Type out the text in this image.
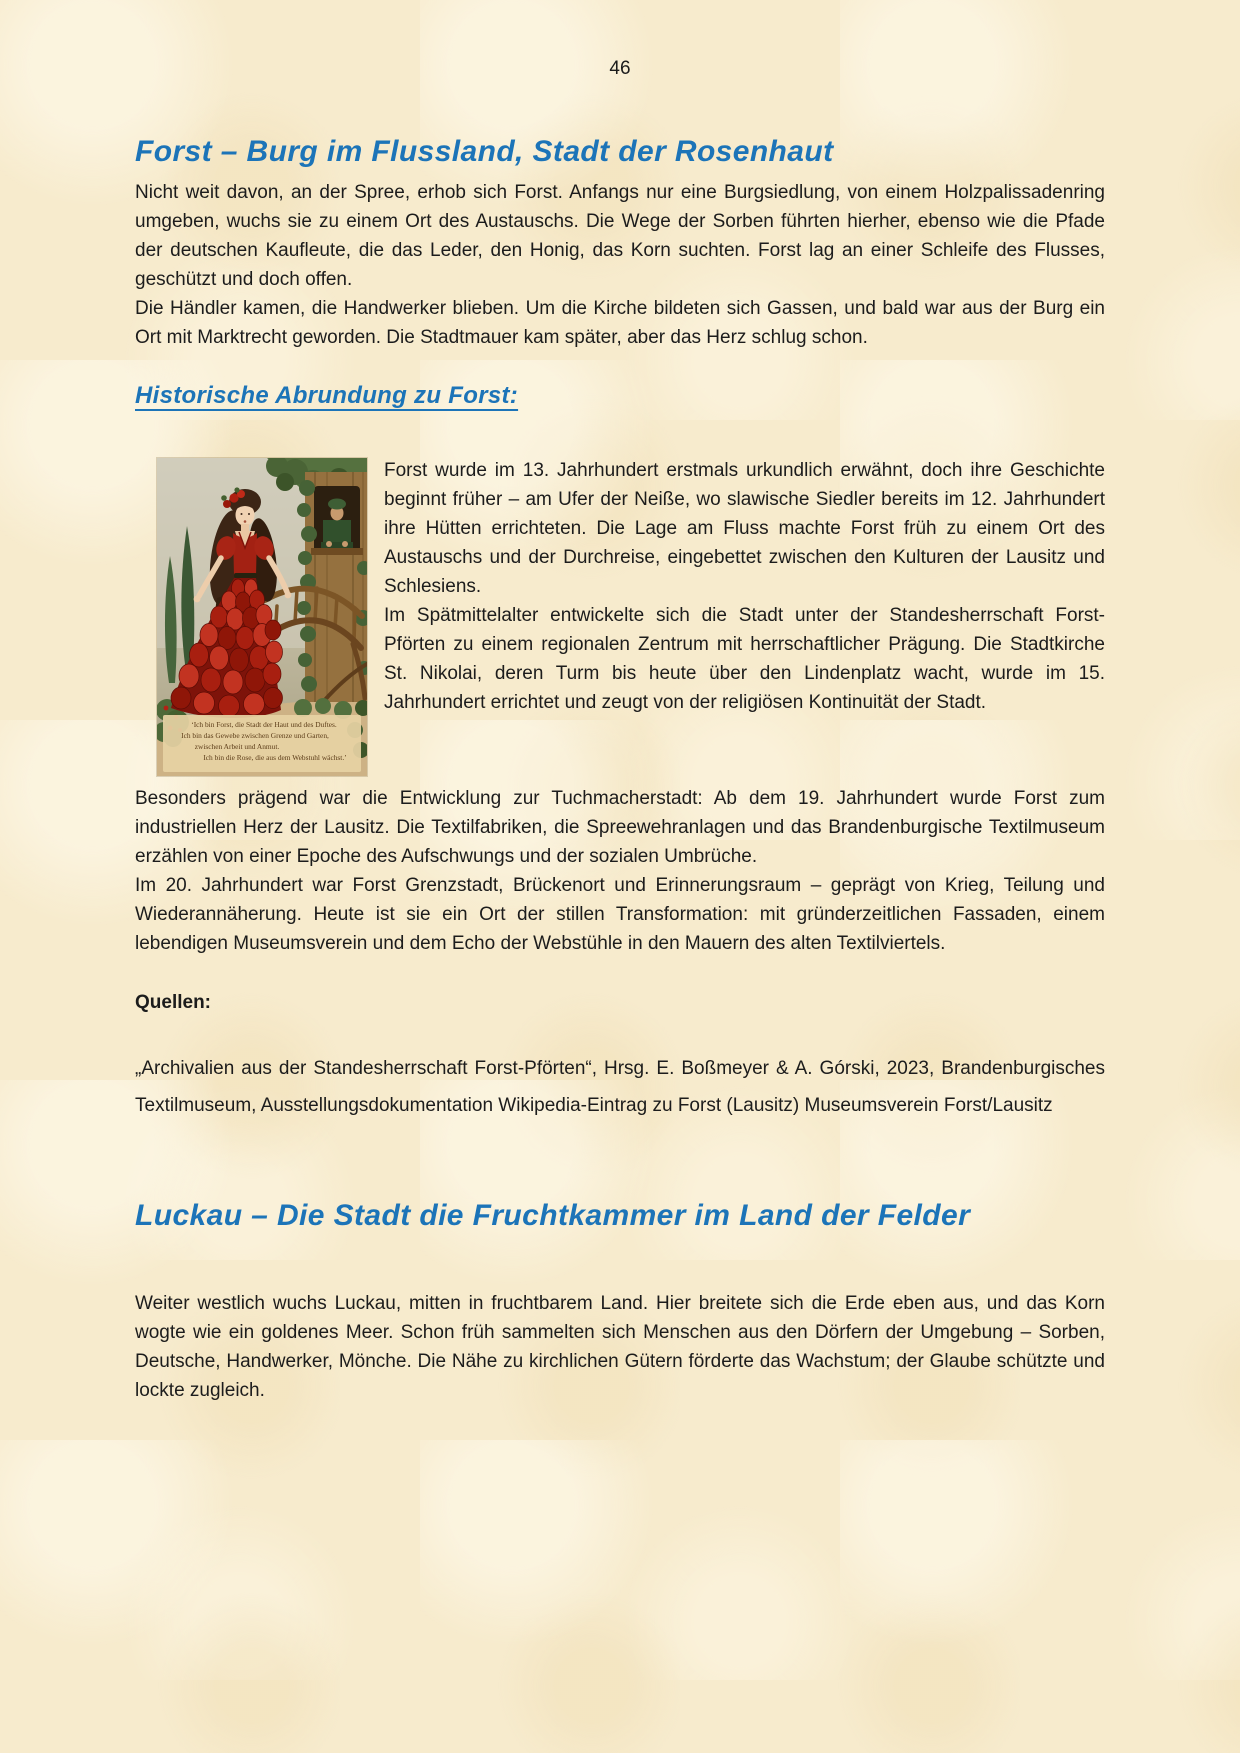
46

Forst – Burg im Flussland, Stadt der Rosenhaut

Nicht weit davon, an der Spree, erhob sich Forst. Anfangs nur eine Burgsiedlung, von einem Holzpalissadenring umgeben, wuchs sie zu einem Ort des Austauschs. Die Wege der Sorben führten hierher, ebenso wie die Pfade der deutschen Kaufleute, die das Leder, den Honig, das Korn suchten. Forst lag an einer Schleife des Flusses, geschützt und doch offen.

Die Händler kamen, die Handwerker blieben. Um die Kirche bildeten sich Gassen, und bald war aus der Burg ein Ort mit Marktrecht geworden. Die Stadtmauer kam später, aber das Herz schlug schon.

Historische Abrundung zu Forst:
‘Ich bin Forst, die Stadt der Haut und des Duftes.
Ich bin das Gewebe zwischen Grenze und Garten,
zwischen Arbeit und Anmut.
Ich bin die Rose, die aus dem Webstuhl wächst.’

Forst wurde im 13. Jahrhundert erstmals urkundlich erwähnt, doch ihre Geschichte beginnt früher – am Ufer der Neiße, wo slawische Siedler bereits im 12. Jahrhundert ihre Hütten errichteten. Die Lage am Fluss machte Forst früh zu einem Ort des Austauschs und der Durchreise, eingebettet zwischen den Kulturen der Lausitz und Schlesiens.

Im Spätmittelalter entwickelte sich die Stadt unter der Standesherrschaft Forst-Pförten zu einem regionalen Zentrum mit herrschaftlicher Prägung. Die Stadtkirche St. Nikolai, deren Turm bis heute über den Lindenplatz wacht, wurde im 15. Jahrhundert errichtet und zeugt von der religiösen Kontinuität der Stadt.

Besonders prägend war die Entwicklung zur Tuchmacherstadt: Ab dem 19. Jahrhundert wurde Forst zum industriellen Herz der Lausitz. Die Textilfabriken, die Spreewehranlagen und das Brandenburgische Textilmuseum erzählen von einer Epoche des Aufschwungs und der sozialen Umbrüche.

Im 20. Jahrhundert war Forst Grenzstadt, Brückenort und Erinnerungsraum – geprägt von Krieg, Teilung und Wiederannäherung. Heute ist sie ein Ort der stillen Transformation: mit gründerzeitlichen Fassaden, einem lebendigen Museumsverein und dem Echo der Webstühle in den Mauern des alten Textilviertels.

Quellen:

„Archivalien aus der Standesherrschaft Forst-Pförten“, Hrsg. E. Boßmeyer & A. Górski, 2023, Brandenburgisches Textilmuseum, Ausstellungsdokumentation Wikipedia-Eintrag zu Forst (Lausitz) Museumsverein Forst/Lausitz

Luckau – Die Stadt die Fruchtkammer im Land der Felder

Weiter westlich wuchs Luckau, mitten in fruchtbarem Land. Hier breitete sich die Erde eben aus, und das Korn wogte wie ein goldenes Meer. Schon früh sammelten sich Menschen aus den Dörfern der Umgebung – Sorben, Deutsche, Handwerker, Mönche. Die Nähe zu kirchlichen Gütern förderte das Wachstum; der Glaube schützte und lockte zugleich.
